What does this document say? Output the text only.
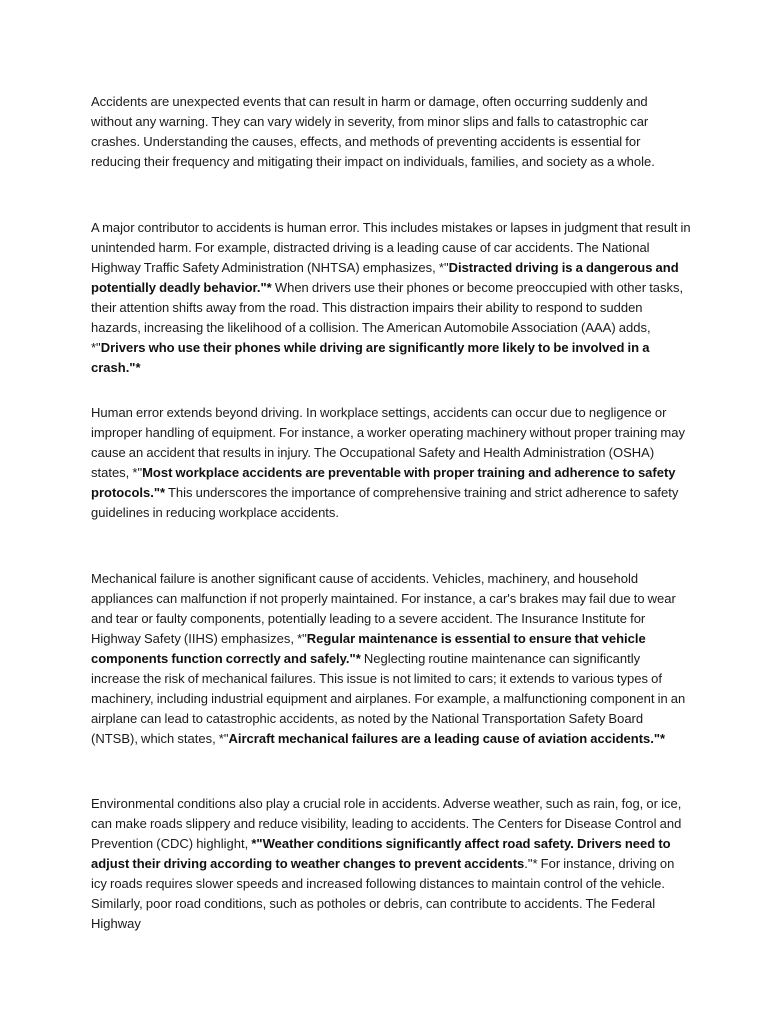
Accidents are unexpected events that can result in harm or damage, often occurring suddenly and without any warning. They can vary widely in severity, from minor slips and falls to catastrophic car crashes. Understanding the causes, effects, and methods of preventing accidents is essential for reducing their frequency and mitigating their impact on individuals, families, and society as a whole.

A major contributor to accidents is human error. This includes mistakes or lapses in judgment that result in unintended harm. For example, distracted driving is a leading cause of car accidents. The National Highway Traffic Safety Administration (NHTSA) emphasizes, *"Distracted driving is a dangerous and potentially deadly behavior."* When drivers use their phones or become preoccupied with other tasks, their attention shifts away from the road. This distraction impairs their ability to respond to sudden hazards, increasing the likelihood of a collision. The American Automobile Association (AAA) adds, *"Drivers who use their phones while driving are significantly more likely to be involved in a crash."*

Human error extends beyond driving. In workplace settings, accidents can occur due to negligence or improper handling of equipment. For instance, a worker operating machinery without proper training may cause an accident that results in injury. The Occupational Safety and Health Administration (OSHA) states, *"Most workplace accidents are preventable with proper training and adherence to safety protocols."* This underscores the importance of comprehensive training and strict adherence to safety guidelines in reducing workplace accidents.

Mechanical failure is another significant cause of accidents. Vehicles, machinery, and household appliances can malfunction if not properly maintained. For instance, a car's brakes may fail due to wear and tear or faulty components, potentially leading to a severe accident. The Insurance Institute for Highway Safety (IIHS) emphasizes, *"Regular maintenance is essential to ensure that vehicle components function correctly and safely."* Neglecting routine maintenance can significantly increase the risk of mechanical failures. This issue is not limited to cars; it extends to various types of machinery, including industrial equipment and airplanes. For example, a malfunctioning component in an airplane can lead to catastrophic accidents, as noted by the National Transportation Safety Board (NTSB), which states, *"Aircraft mechanical failures are a leading cause of aviation accidents."*

Environmental conditions also play a crucial role in accidents. Adverse weather, such as rain, fog, or ice, can make roads slippery and reduce visibility, leading to accidents. The Centers for Disease Control and Prevention (CDC) highlight, *"Weather conditions significantly affect road safety. Drivers need to adjust their driving according to weather changes to prevent accidents."* For instance, driving on icy roads requires slower speeds and increased following distances to maintain control of the vehicle. Similarly, poor road conditions, such as potholes or debris, can contribute to accidents. The Federal Highway
